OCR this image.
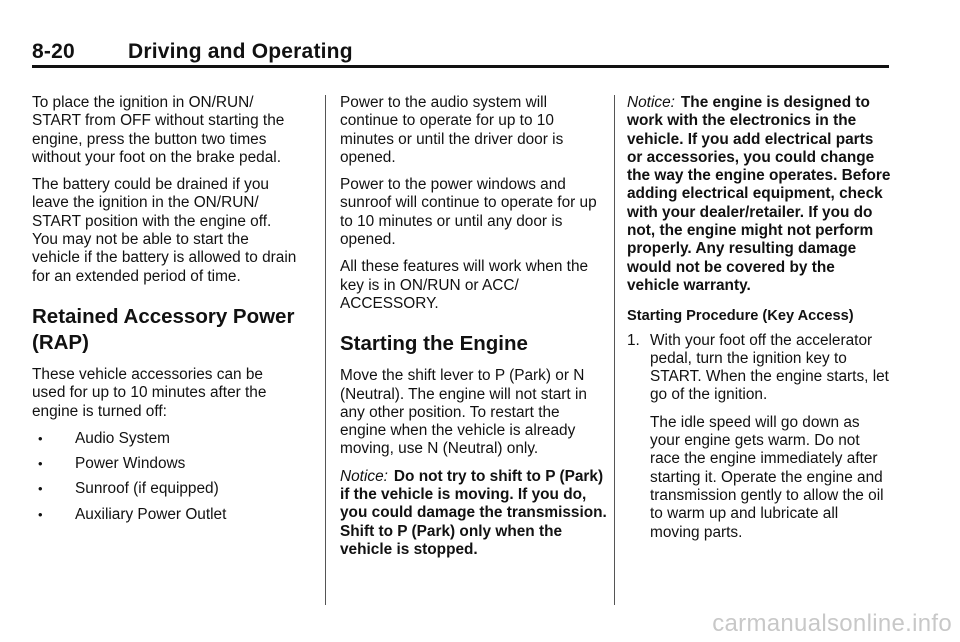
8-20	Driving and Operating

To place the ignition in ON/RUN/ START from OFF without starting the engine, press the button two times without your foot on the brake pedal.

The battery could be drained if you leave the ignition in the ON/RUN/ START position with the engine off. You may not be able to start the vehicle if the battery is allowed to drain for an extended period of time.

Retained Accessory Power (RAP)

These vehicle accessories can be used for up to 10 minutes after the engine is turned off:

• Audio System
• Power Windows
• Sunroof (if equipped)
• Auxiliary Power Outlet

Power to the audio system will continue to operate for up to 10 minutes or until the driver door is opened.

Power to the power windows and sunroof will continue to operate for up to 10 minutes or until any door is opened.

All these features will work when the key is in ON/RUN or ACC/ ACCESSORY.

Starting the Engine

Move the shift lever to P (Park) or N (Neutral). The engine will not start in any other position. To restart the engine when the vehicle is already moving, use N (Neutral) only.

Notice: Do not try to shift to P (Park) if the vehicle is moving. If you do, you could damage the transmission. Shift to P (Park) only when the vehicle is stopped.

Notice: The engine is designed to work with the electronics in the vehicle. If you add electrical parts or accessories, you could change the way the engine operates. Before adding electrical equipment, check with your dealer/retailer. If you do not, the engine might not perform properly. Any resulting damage would not be covered by the vehicle warranty.

Starting Procedure (Key Access)
1. With your foot off the accelerator pedal, turn the ignition key to START. When the engine starts, let go of the ignition.

The idle speed will go down as your engine gets warm. Do not race the engine immediately after starting it. Operate the engine and transmission gently to allow the oil to warm up and lubricate all moving parts.

carmanualsonline.info
